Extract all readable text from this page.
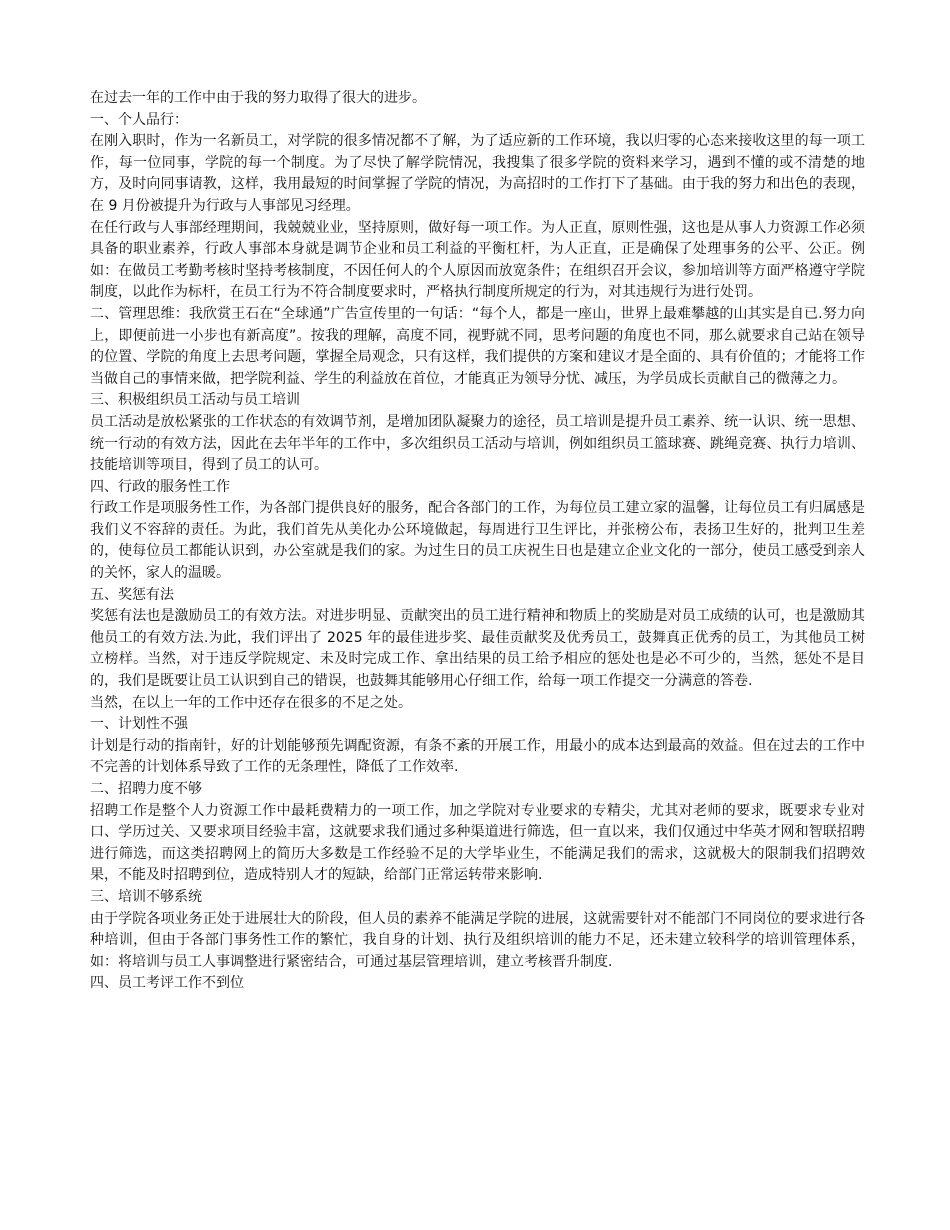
在过去一年的工作中由于我的努力取得了很大的进步。

一、个人品行：

在刚入职时，作为一名新员工，对学院的很多情况都不了解，为了适应新的工作环境，我以归零的心态来接收这里的每一项工作，每一位同事，学院的每一个制度。为了尽快了解学院情况，我搜集了很多学院的资料来学习，遇到不懂的或不清楚的地方，及时向同事请教，这样，我用最短的时间掌握了学院的情况，为高招时的工作打下了基础。由于我的努力和出色的表现，在 9 月份被提升为行政与人事部见习经理。

在任行政与人事部经理期间，我兢兢业业，坚持原则，做好每一项工作。为人正直，原则性强，这也是从事人力资源工作必须具备的职业素养，行政人事部本身就是调节企业和员工利益的平衡杠杆，为人正直，正是确保了处理事务的公平、公正。例如：在做员工考勤考核时坚持考核制度，不因任何人的个人原因而放宽条件；在组织召开会议，参加培训等方面严格遵守学院制度，以此作为标杆，在员工行为不符合制度要求时，严格执行制度所规定的行为，对其违规行为进行处罚。

二、管理思维：我欣赏王石在“全球通”广告宣传里的一句话：“每个人，都是一座山，世界上最难攀越的山其实是自已.努力向上，即便前进一小步也有新高度”。按我的理解，高度不同，视野就不同，思考问题的角度也不同，那么就要求自己站在领导的位置、学院的角度上去思考问题，掌握全局观念，只有这样，我们提供的方案和建议才是全面的、具有价值的；才能将工作当做自己的事情来做，把学院利益、学生的利益放在首位，才能真正为领导分忧、减压，为学员成长贡献自己的微薄之力。

三、积极组织员工活动与员工培训

员工活动是放松紧张的工作状态的有效调节剂，是增加团队凝聚力的途径，员工培训是提升员工素养、统一认识、统一思想、统一行动的有效方法，因此在去年半年的工作中，多次组织员工活动与培训，例如组织员工篮球赛、跳绳竞赛、执行力培训、技能培训等项目，得到了员工的认可。

四、行政的服务性工作

行政工作是项服务性工作，为各部门提供良好的服务，配合各部门的工作，为每位员工建立家的温馨，让每位员工有归属感是我们义不容辞的责任。为此，我们首先从美化办公环境做起，每周进行卫生评比，并张榜公布，表扬卫生好的，批判卫生差的，使每位员工都能认识到，办公室就是我们的家。为过生日的员工庆祝生日也是建立企业文化的一部分，使员工感受到亲人的关怀，家人的温暖。

五、奖惩有法

奖惩有法也是激励员工的有效方法。对进步明显、贡献突出的员工进行精神和物质上的奖励是对员工成绩的认可，也是激励其他员工的有效方法.为此，我们评出了 2025 年的最佳进步奖、最佳贡献奖及优秀员工，鼓舞真正优秀的员工，为其他员工树立榜样。当然，对于违反学院规定、未及时完成工作、拿出结果的员工给予相应的惩处也是必不可少的，当然，惩处不是目的，我们是既要让员工认识到自己的错误，也鼓舞其能够用心仔细工作，给每一项工作提交一分满意的答卷.

当然，在以上一年的工作中还存在很多的不足之处。

一、计划性不强

计划是行动的指南针，好的计划能够预先调配资源，有条不紊的开展工作，用最小的成本达到最高的效益。但在过去的工作中不完善的计划体系导致了工作的无条理性，降低了工作效率.

二、招聘力度不够

招聘工作是整个人力资源工作中最耗费精力的一项工作，加之学院对专业要求的专精尖，尤其对老师的要求，既要求专业对口、学历过关、又要求项目经验丰富，这就要求我们通过多种渠道进行筛选，但一直以来，我们仅通过中华英才网和智联招聘进行筛选，而这类招聘网上的简历大多数是工作经验不足的大学毕业生，不能满足我们的需求，这就极大的限制我们招聘效果，不能及时招聘到位，造成特别人才的短缺，给部门正常运转带来影响.

三、培训不够系统

由于学院各项业务正处于进展壮大的阶段，但人员的素养不能满足学院的进展，这就需要针对不能部门不同岗位的要求进行各种培训，但由于各部门事务性工作的繁忙，我自身的计划、执行及组织培训的能力不足，还未建立较科学的培训管理体系，如：将培训与员工人事调整进行紧密结合，可通过基层管理培训，建立考核晋升制度.

四、员工考评工作不到位
